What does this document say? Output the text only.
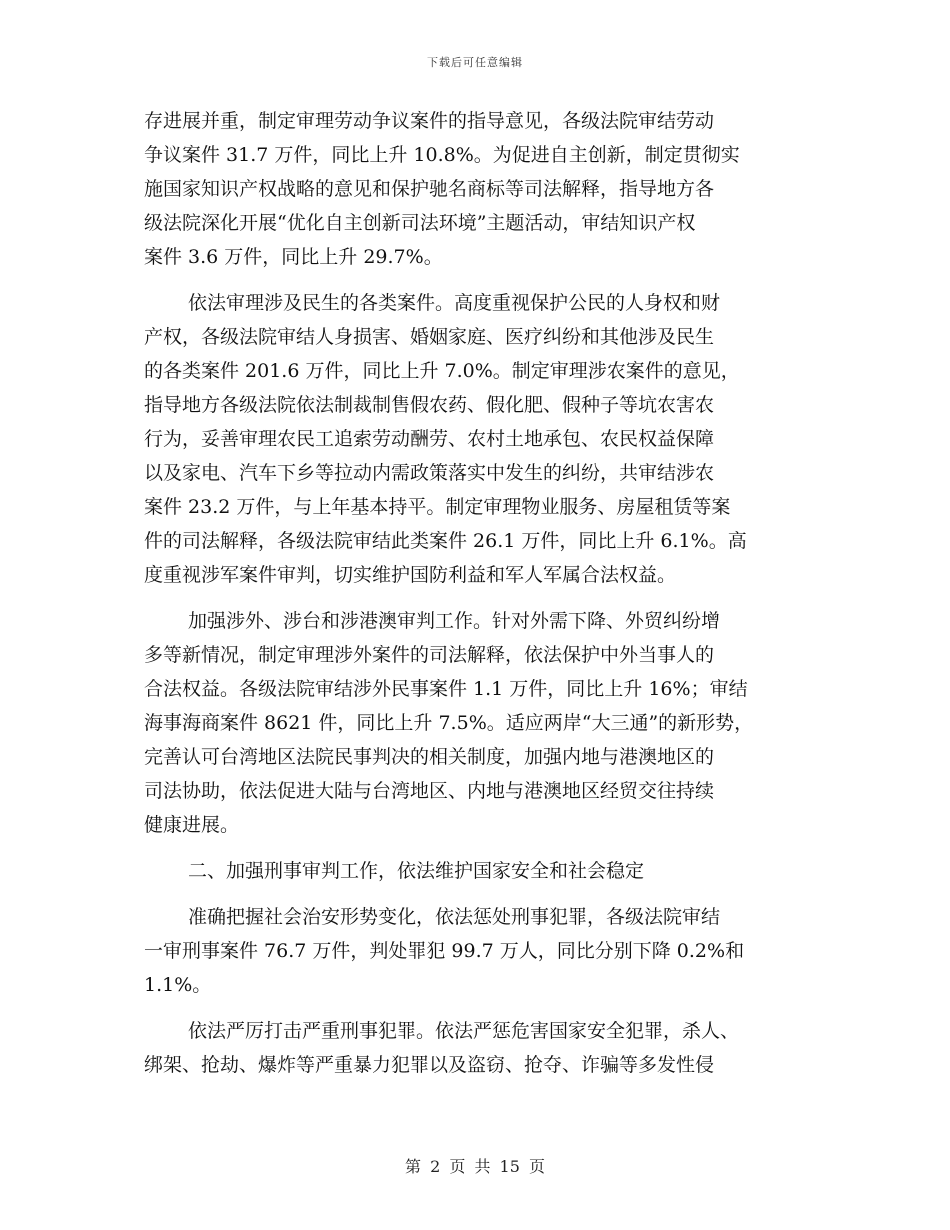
下载后可任意编辑
存进展并重，制定审理劳动争议案件的指导意见，各级法院审结劳动
争议案件 31.7 万件，同比上升 10.8%。为促进自主创新，制定贯彻实
施国家知识产权战略的意见和保护驰名商标等司法解释，指导地方各
级法院深化开展“优化自主创新司法环境”主题活动，审结知识产权
案件 3.6 万件，同比上升 29.7%。
依法审理涉及民生的各类案件。高度重视保护公民的人身权和财
产权，各级法院审结人身损害、婚姻家庭、医疗纠纷和其他涉及民生
的各类案件 201.6 万件，同比上升 7.0%。制定审理涉农案件的意见，
指导地方各级法院依法制裁制售假农药、假化肥、假种子等坑农害农
行为，妥善审理农民工追索劳动酬劳、农村土地承包、农民权益保障
以及家电、汽车下乡等拉动内需政策落实中发生的纠纷，共审结涉农
案件 23.2 万件，与上年基本持平。制定审理物业服务、房屋租赁等案
件的司法解释，各级法院审结此类案件 26.1 万件，同比上升 6.1%。高
度重视涉军案件审判，切实维护国防利益和军人军属合法权益。
加强涉外、涉台和涉港澳审判工作。针对外需下降、外贸纠纷增
多等新情况，制定审理涉外案件的司法解释，依法保护中外当事人的
合法权益。各级法院审结涉外民事案件 1.1 万件，同比上升 16%；审结
海事海商案件 8621 件，同比上升 7.5%。适应两岸“大三通”的新形势，
完善认可台湾地区法院民事判决的相关制度，加强内地与港澳地区的
司法协助，依法促进大陆与台湾地区、内地与港澳地区经贸交往持续
健康进展。
二、加强刑事审判工作，依法维护国家安全和社会稳定
准确把握社会治安形势变化，依法惩处刑事犯罪，各级法院审结
一审刑事案件 76.7 万件，判处罪犯 99.7 万人，同比分别下降 0.2%和
1.1%。
依法严厉打击严重刑事犯罪。依法严惩危害国家安全犯罪，杀人、
绑架、抢劫、爆炸等严重暴力犯罪以及盗窃、抢夺、诈骗等多发性侵
第 2 页 共 15 页
